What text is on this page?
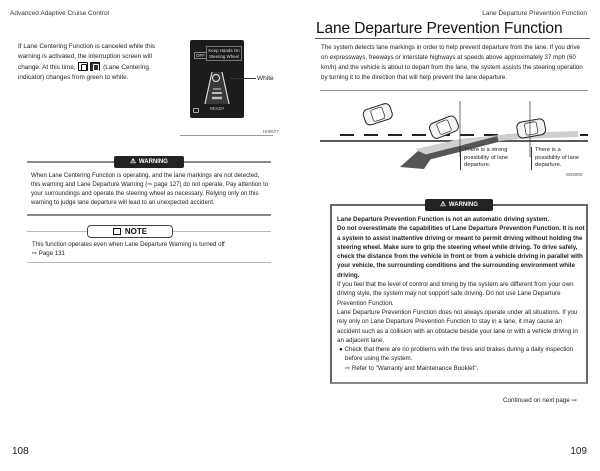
Advanced Adaptive Cruise Control	Lane Departure Prevention Function
Lane Departure Prevention Function
If Lane Centering Function is canceled while this warning is activated, the interruption screen will change. At this time,	(Lane Centering indicator) changes from green to white.
OFF
Keep Hands On Steering Wheel
READY
White
H00677
⚠ WARNING
When Lane Centering Function is operating, and the lane markings are not detected, this warning and Lane Departure Warning (⇨ page 127) do not operate. Pay attention to your surroundings and operate the steering wheel as necessary. Relying only on this warning to judge lane departure will lead to an unexpected accident.
NOTE
This function operates even when Lane Departure Warning is turned off
⇨ Page 131
108
The system detects lane markings in order to help prevent departure from the lane. If you drive on expressways, freeways or interstate highways at speeds above approximately 37 mph (60 km/h) and the vehicle is about to depart from the lane, the system assists the steering operation by turning it to the direction that will help prevent the lane departure.
There is a strong possibility of lane departure.
There is a possibility of lane departure.
SD8080
⚠ WARNING
Lane Departure Prevention Function is not an automatic driving system.
Do not overestimate the capabilities of Lane Departure Prevention Function. It is not a system to assist inattentive driving or meant to permit driving without holding the steering wheel. Make sure to grip the steering wheel while driving. To drive safely, check the distance from the vehicle in front or from a vehicle driving in parallel with your vehicle, the surrounding conditions and the surrounding environment while driving.
If you feel that the level of control and timing by the system are different from your own driving style, the system may not support safe driving. Do not use Lane Departure Prevention Function.
Lane Departure Prevention Function does not always operate under all situations. If you rely only on Lane Departure Prevention Function to stay in a lane, it may cause an accident such as a collision with an obstacle beside your lane or with a vehicle driving in an adjacent lane.
● Check that there are no problems with the tires and brakes during a daily inspection before using the system.
⇨ Refer to "Warranty and Maintenance Booklet".
Continued on next page ⇨
109
